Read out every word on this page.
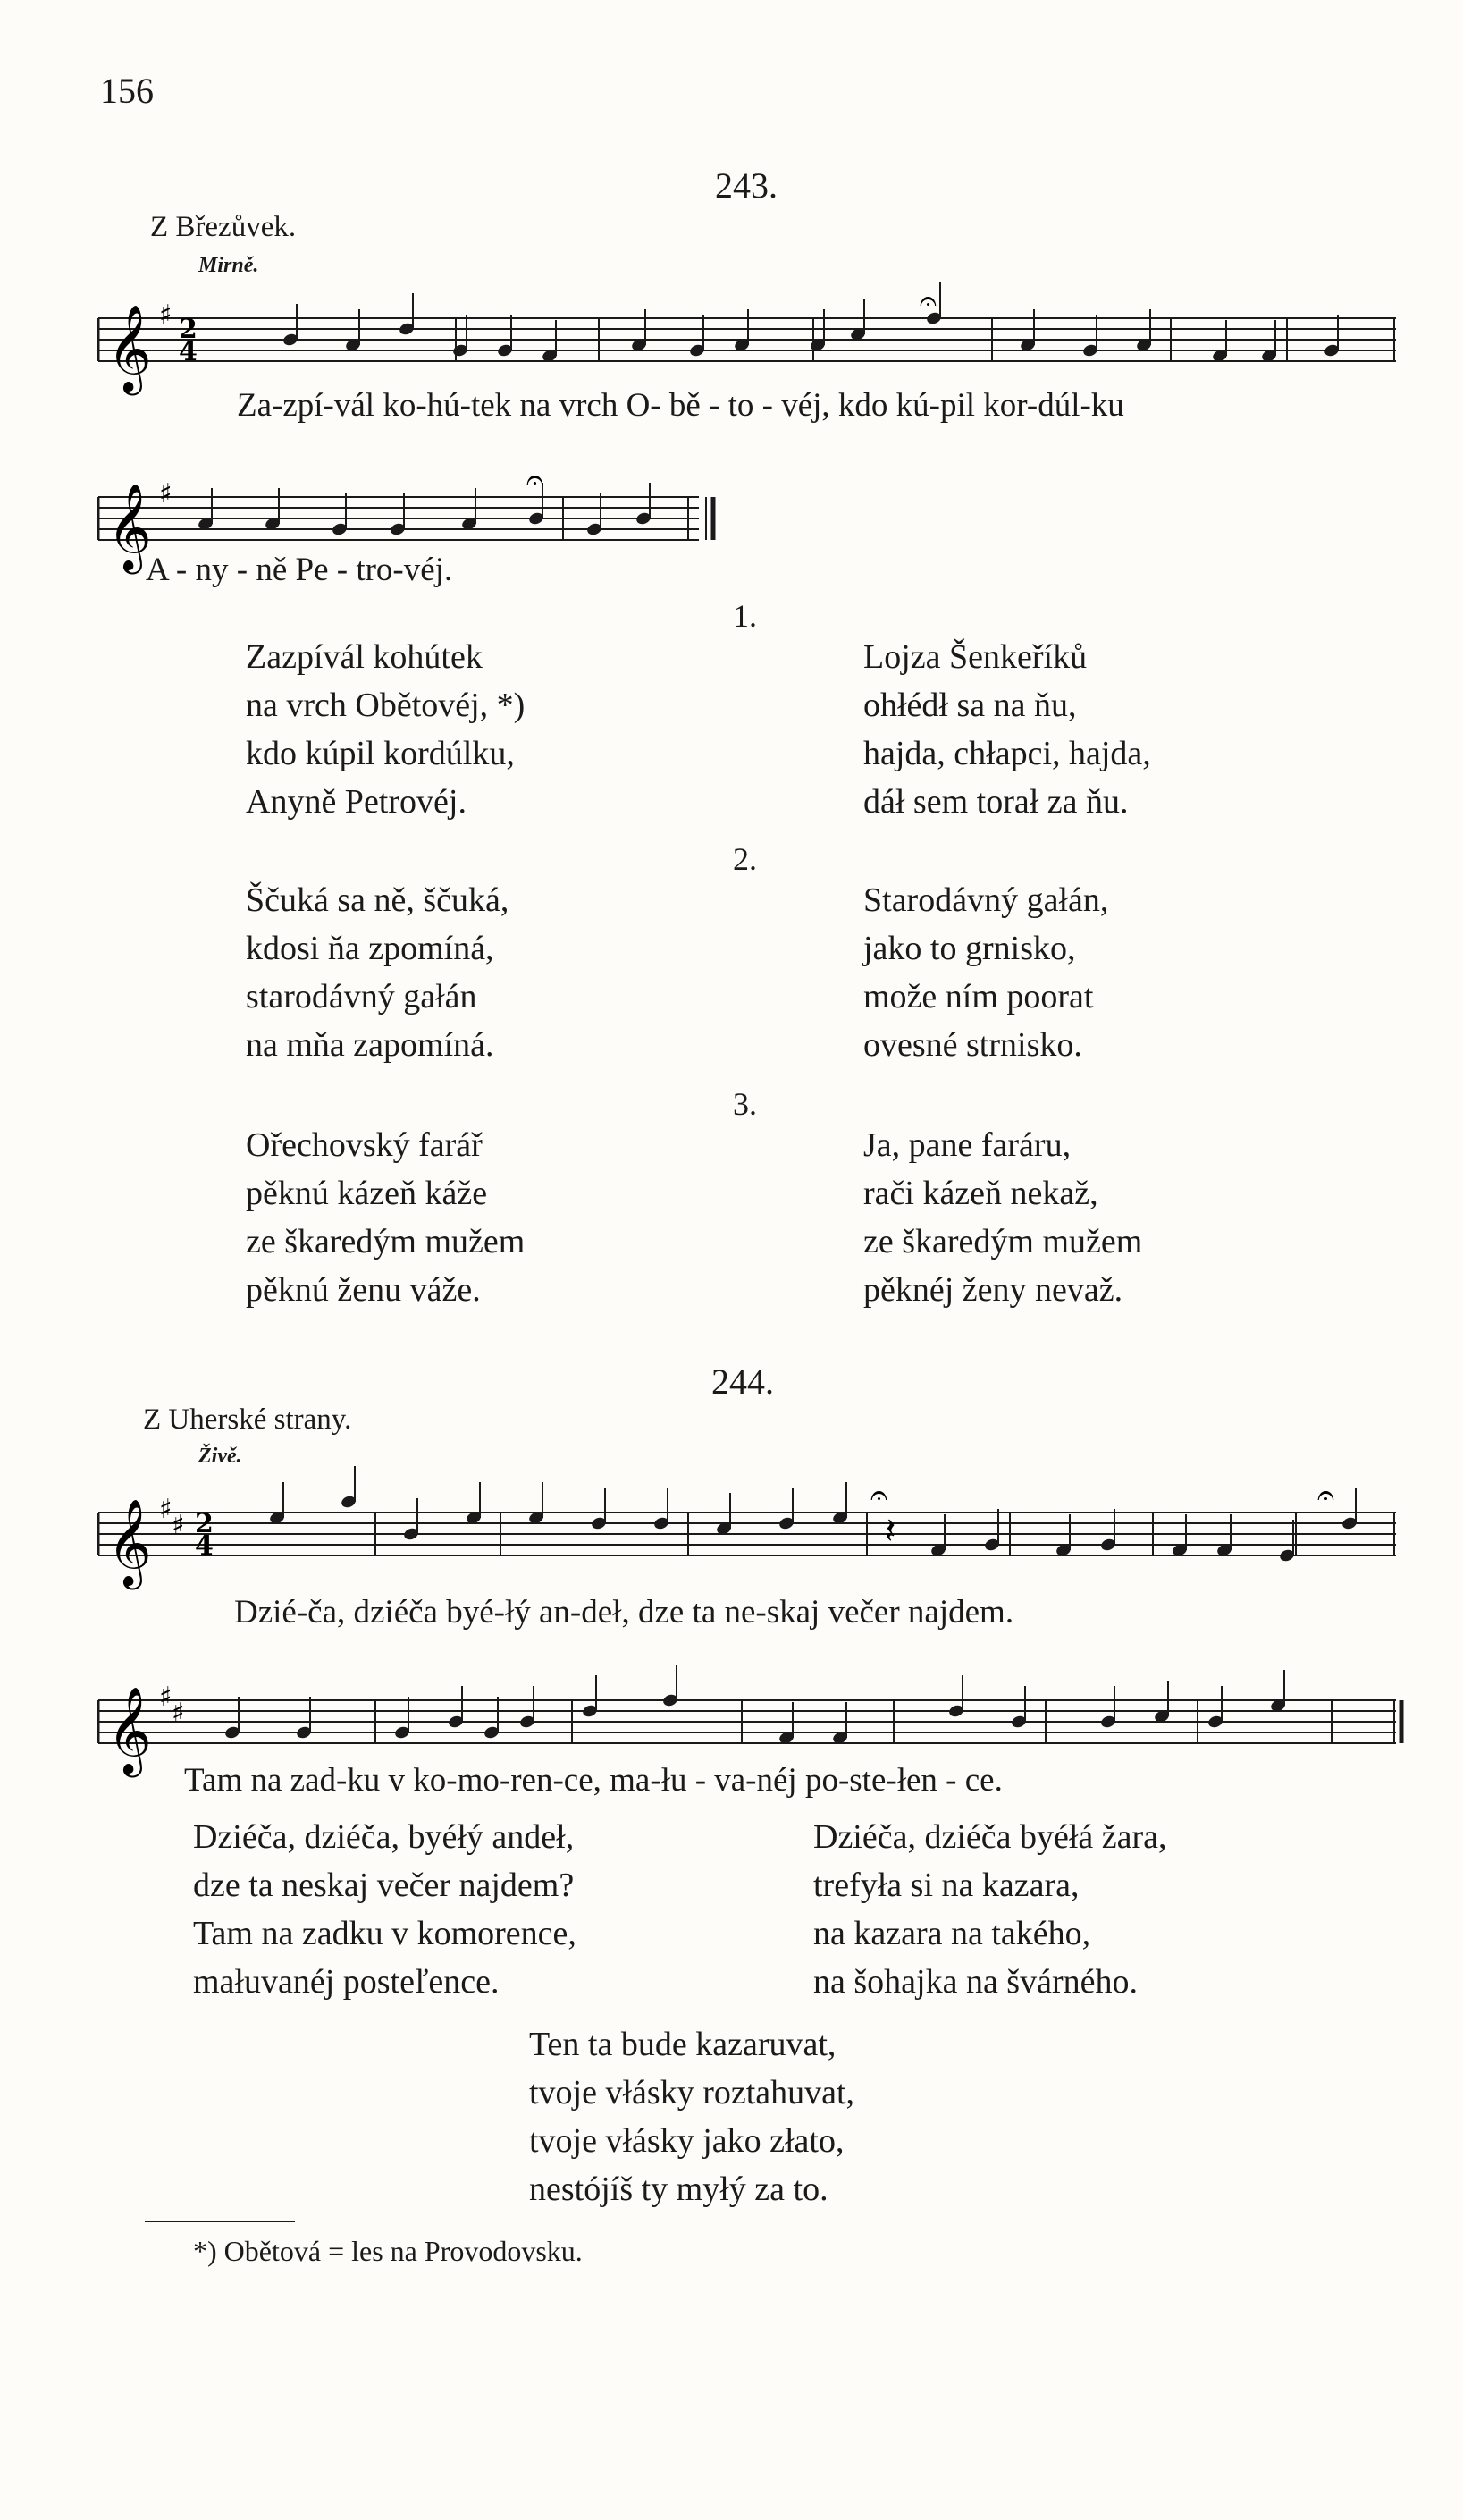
156
243.
Z Březůvek.
Mirně.
𝄞 ♯ 2
4
𝄐
𝄞 ♯	𝄐
Za-zpí-vál ko-hú-tek na vrch O- bě - to - véj, kdo kú-pil kor-dúl-ku
A - ny - ně Pe - tro-véj.
1.
2.
3.
Zazpívál kohútek
na vrch Obětovéj, *)
kdo kúpil kordúlku,
Anyně Petrovéj.
Lojza Šenkeříků
ohłédł sa na ňu,
hajda, chłapci, hajda,
dáł sem torał za ňu.
Ščuká sa ně, ščuká,
kdosi ňa zpomíná,
starodávný gałán
na mňa zapomíná.
Starodávný gałán,
jako to grnisko,
može ním poorat
ovesné strnisko.
Ořechovský farář
pěknú kázeň káže
ze škaredým mužem
pěknú ženu váže.
Ja, pane faráru,
rači kázeň nekaž,
ze škaredým mužem
pěknéj ženy nevaž.
244.
Z Uherské strany.
Živě.
𝄞 ♯
♯ 2
4	𝄽
𝄐	𝄐
𝄞 ♯
♯
Dzié-ča, dziéča byé-łý an-deł, dze ta ne-skaj večer najdem.
Tam na zad-ku v ko-mo-ren-ce, ma-łu - va-néj po-ste-łen - ce.
Dziéča, dziéča, byéłý andeł,
dze ta neskaj večer najdem?
Tam na zadku v komorence,
małuvanéj posteľence.
Dziéča, dziéča byéłá žara,
trefyła si na kazara,
na kazara na takého,
na šohajka na švárného.
Ten ta bude kazaruvat,
tvoje vłásky roztahuvat,
tvoje vłásky jako złato,
nestójíš ty myłý za to.
*) Obětová = les na Provodovsku.
